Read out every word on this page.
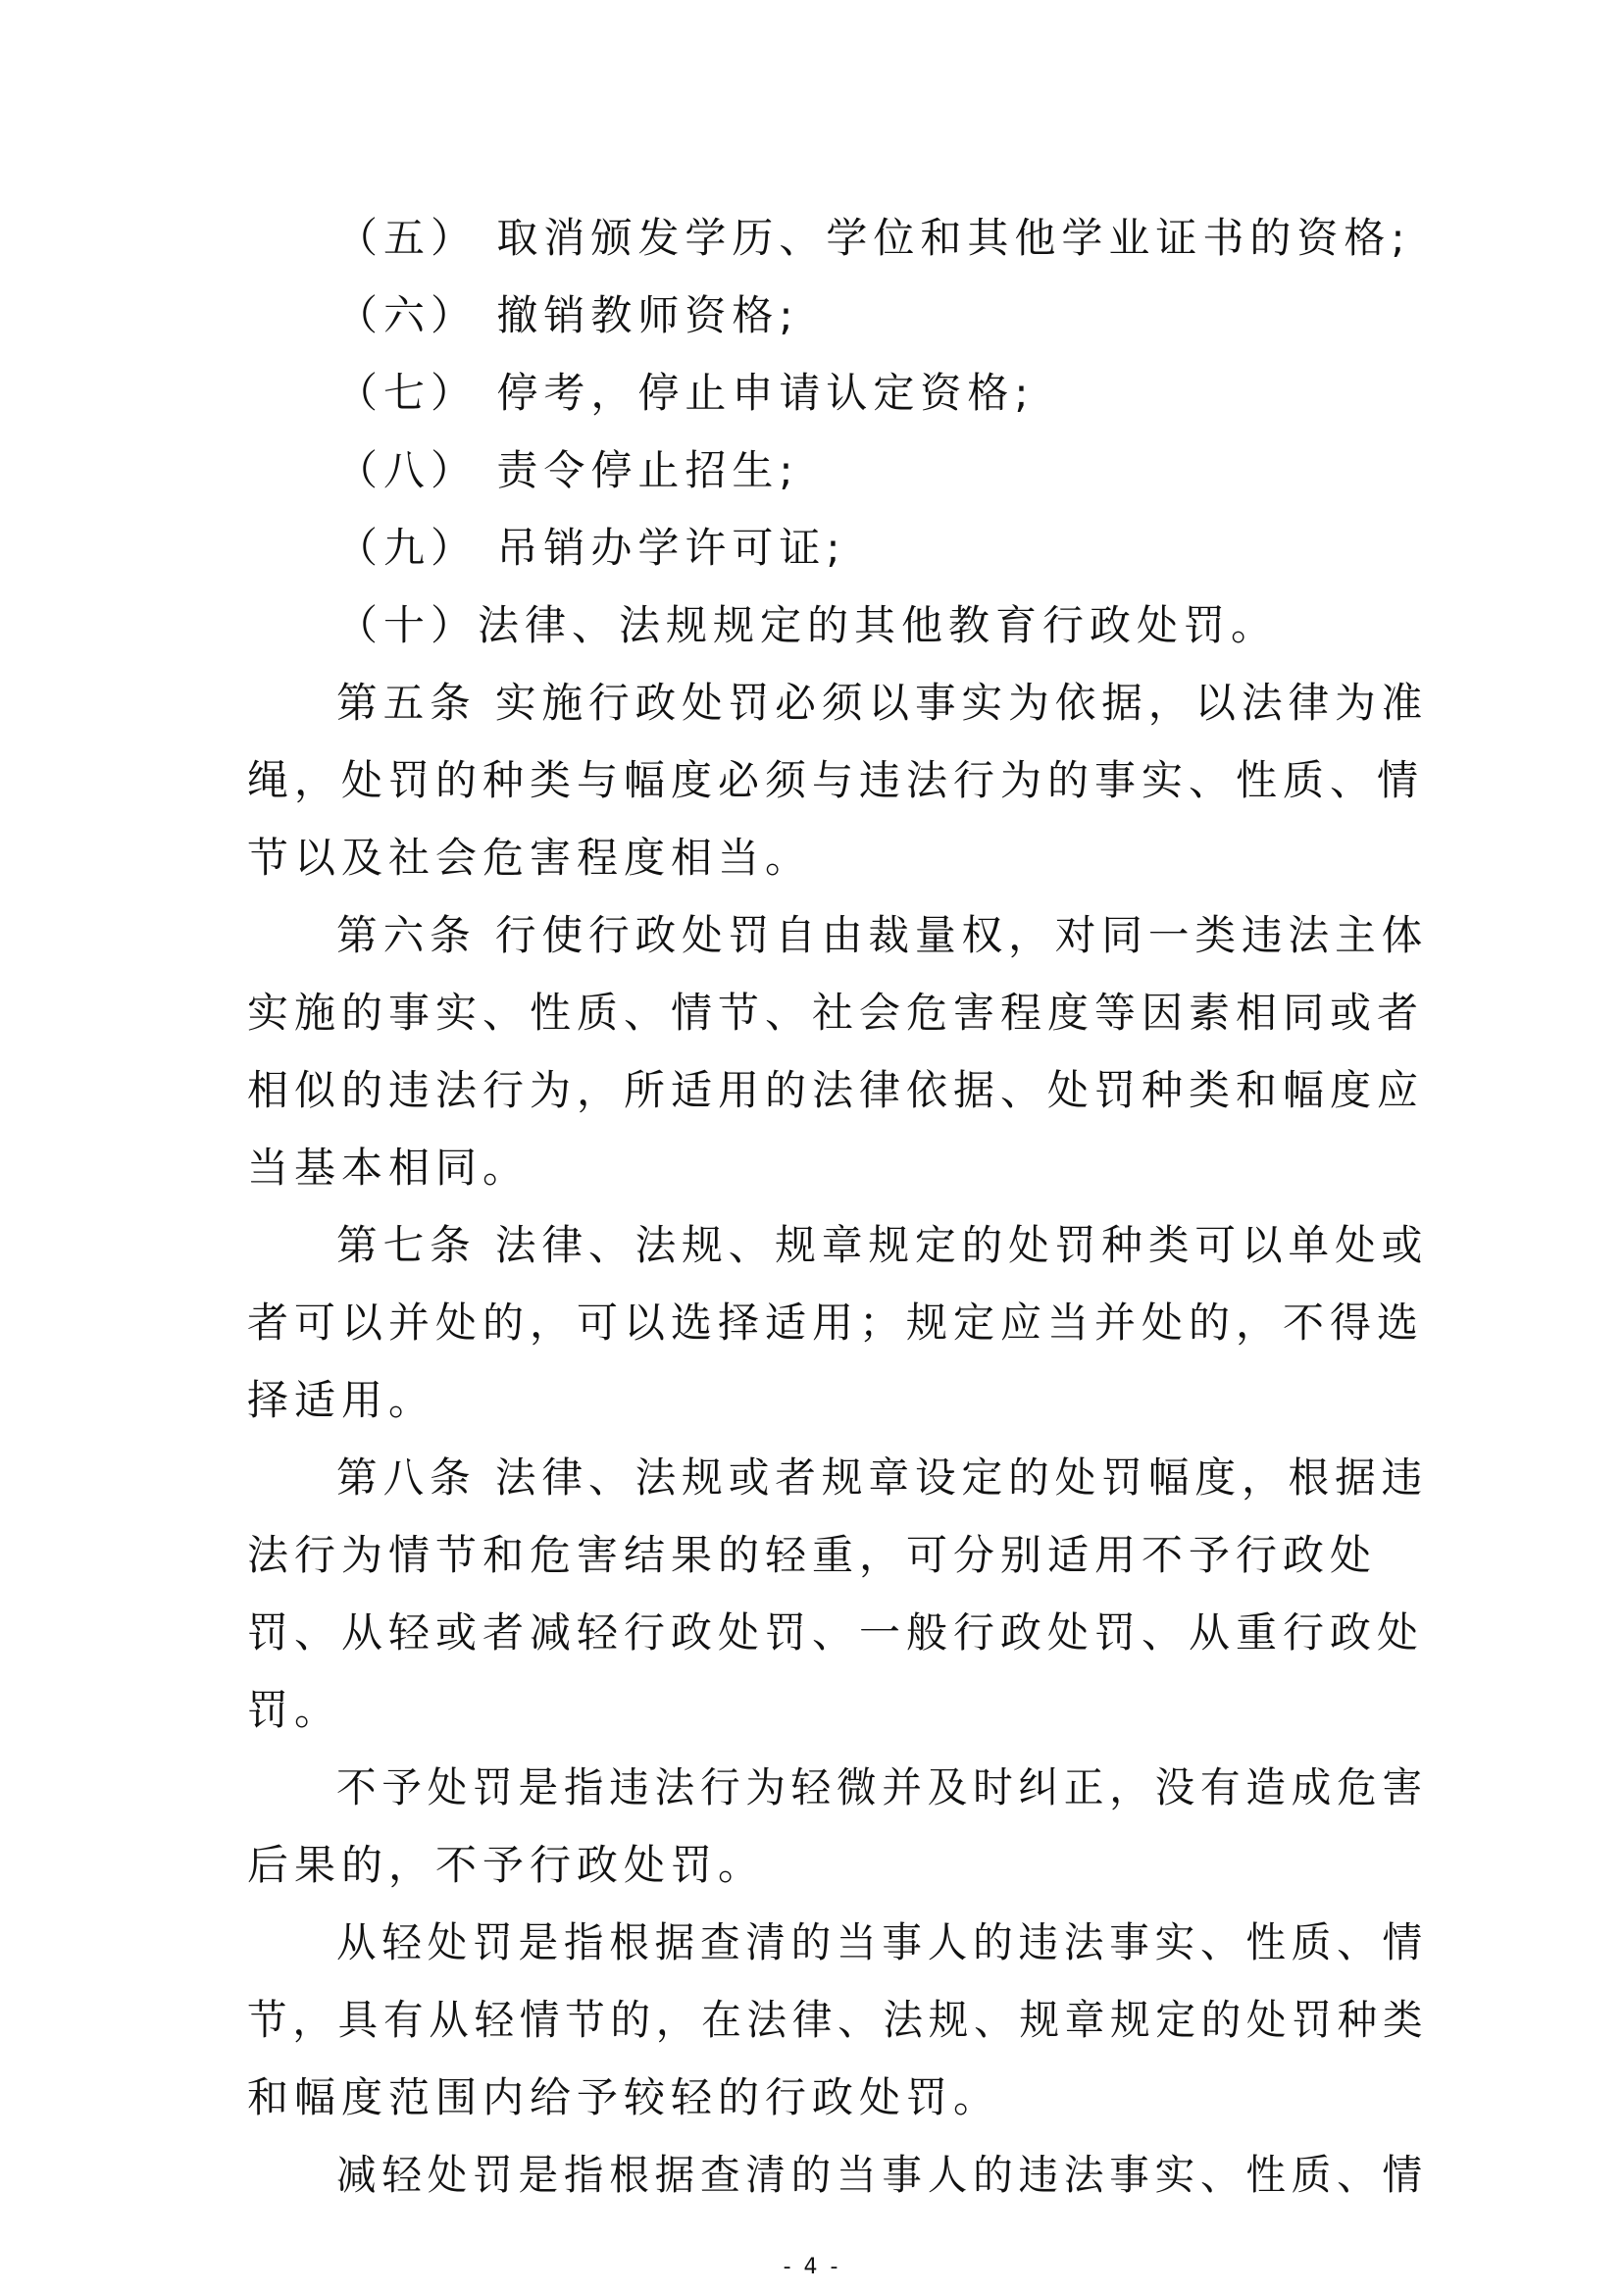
（五） 取消颁发学历、学位和其他学业证书的资格;
（六） 撤销教师资格;
（七） 停考，停止申请认定资格;
（八） 责令停止招生;
（九） 吊销办学许可证;
（十）法律、法规规定的其他教育行政处罚。
第五条 实施行政处罚必须以事实为依据，以法律为准
绳，处罚的种类与幅度必须与违法行为的事实、性质、情
节以及社会危害程度相当。
第六条 行使行政处罚自由裁量权，对同一类违法主体
实施的事实、性质、情节、社会危害程度等因素相同或者
相似的违法行为，所适用的法律依据、处罚种类和幅度应
当基本相同。
第七条 法律、法规、规章规定的处罚种类可以单处或
者可以并处的，可以选择适用；规定应当并处的，不得选
择适用。
第八条 法律、法规或者规章设定的处罚幅度，根据违
法行为情节和危害结果的轻重，可分别适用不予行政处
罚、从轻或者减轻行政处罚、一般行政处罚、从重行政处
罚。
不予处罚是指违法行为轻微并及时纠正，没有造成危害
后果的，不予行政处罚。
从轻处罚是指根据查清的当事人的违法事实、性质、情
节，具有从轻情节的，在法律、法规、规章规定的处罚种类
和幅度范围内给予较轻的行政处罚。
减轻处罚是指根据查清的当事人的违法事实、性质、情
- 4 -
